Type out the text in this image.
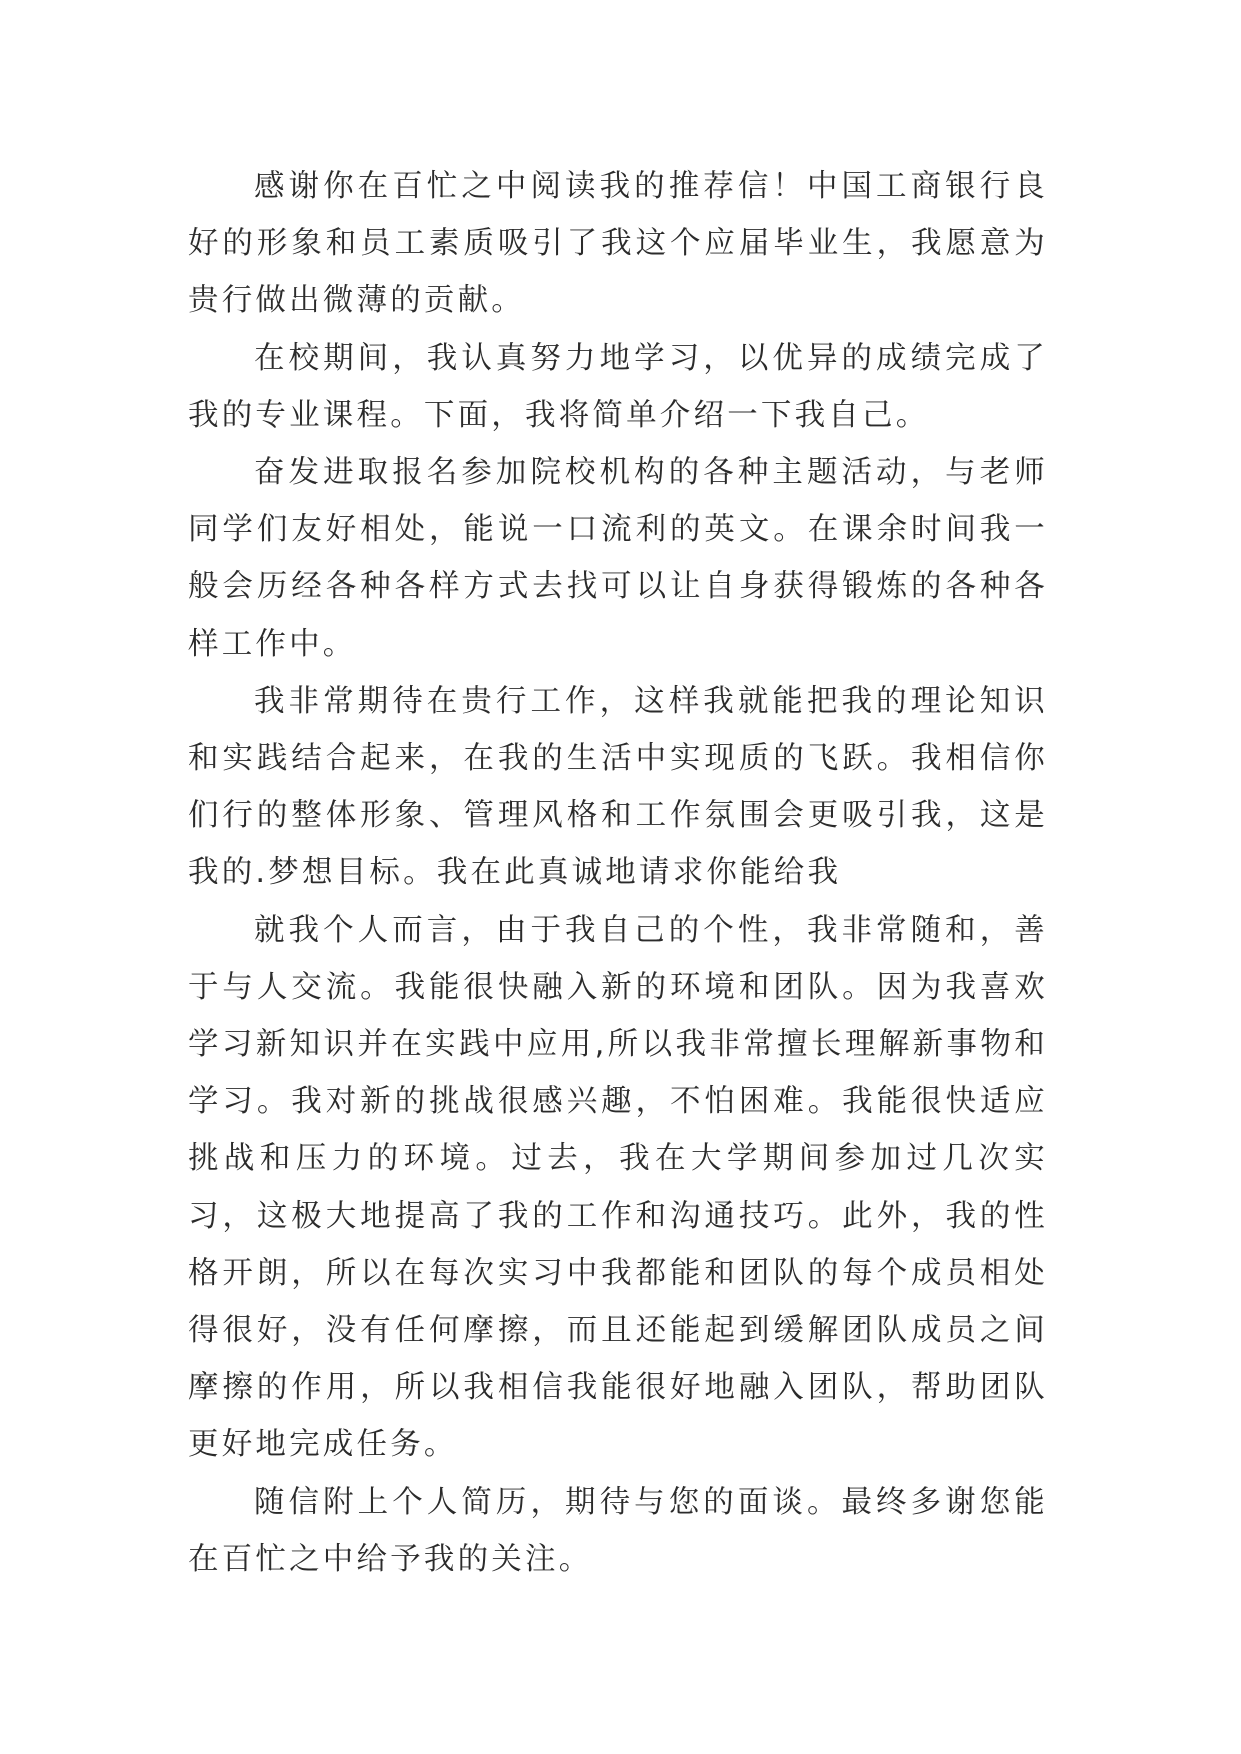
感谢你在百忙之中阅读我的推荐信！中国工商银行良好的形象和员工素质吸引了我这个应届毕业生，我愿意为贵行做出微薄的贡献。

在校期间，我认真努力地学习，以优异的成绩完成了我的专业课程。下面，我将简单介绍一下我自己。

奋发进取报名参加院校机构的各种主题活动，与老师同学们友好相处，能说一口流利的英文。在课余时间我一般会历经各种各样方式去找可以让自身获得锻炼的各种各样工作中。

我非常期待在贵行工作，这样我就能把我的理论知识和实践结合起来，在我的生活中实现质的飞跃。我相信你们行的整体形象、管理风格和工作氛围会更吸引我，这是我的.梦想目标。我在此真诚地请求你能给我

就我个人而言，由于我自己的个性，我非常随和，善于与人交流。我能很快融入新的环境和团队。因为我喜欢学习新知识并在实践中应用,所以我非常擅长理解新事物和学习。我对新的挑战很感兴趣，不怕困难。我能很快适应挑战和压力的环境。过去，我在大学期间参加过几次实习，这极大地提高了我的工作和沟通技巧。此外，我的性格开朗，所以在每次实习中我都能和团队的每个成员相处得很好，没有任何摩擦，而且还能起到缓解团队成员之间摩擦的作用，所以我相信我能很好地融入团队，帮助团队更好地完成任务。

随信附上个人简历，期待与您的面谈。最终多谢您能在百忙之中给予我的关注。
